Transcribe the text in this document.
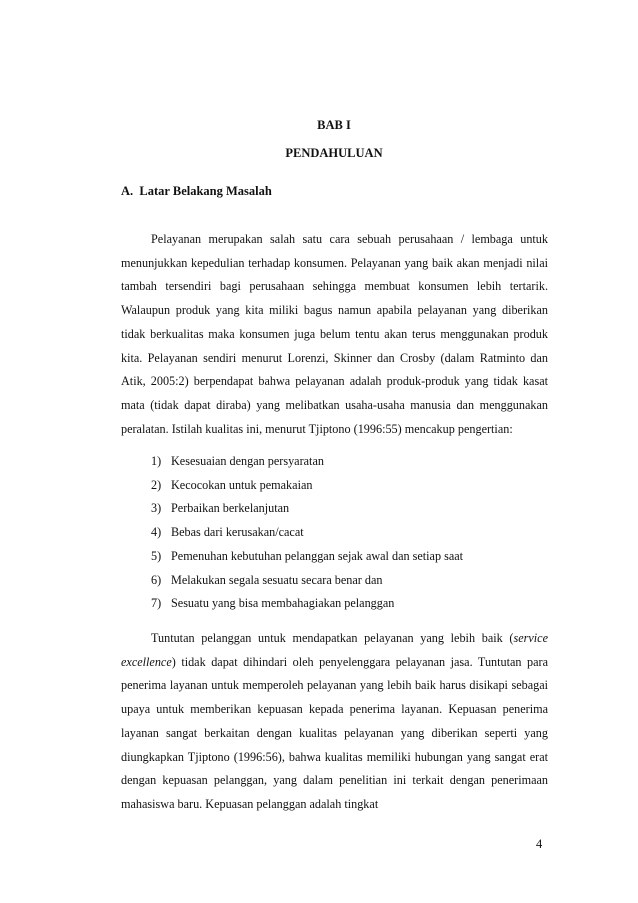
BAB I
PENDAHULUAN
A. Latar Belakang Masalah

Pelayanan merupakan salah satu cara sebuah perusahaan / lembaga untuk menunjukkan kepedulian terhadap konsumen. Pelayanan yang baik akan menjadi nilai tambah tersendiri bagi perusahaan sehingga membuat konsumen lebih tertarik. Walaupun produk yang kita miliki bagus namun apabila pelayanan yang diberikan tidak berkualitas maka konsumen juga belum tentu akan terus menggunakan produk kita. Pelayanan sendiri menurut Lorenzi, Skinner dan Crosby (dalam Ratminto dan Atik, 2005:2) berpendapat bahwa pelayanan adalah produk-produk yang tidak kasat mata (tidak dapat diraba) yang melibatkan usaha-usaha manusia dan menggunakan peralatan. Istilah kualitas ini, menurut Tjiptono (1996:55) mencakup pengertian:

1) Kesesuaian dengan persyaratan
2) Kecocokan untuk pemakaian
3) Perbaikan berkelanjutan
4) Bebas dari kerusakan/cacat
5) Pemenuhan kebutuhan pelanggan sejak awal dan setiap saat
6) Melakukan segala sesuatu secara benar dan
7) Sesuatu yang bisa membahagiakan pelanggan

Tuntutan pelanggan untuk mendapatkan pelayanan yang lebih baik (service excellence) tidak dapat dihindari oleh penyelenggara pelayanan jasa. Tuntutan para penerima layanan untuk memperoleh pelayanan yang lebih baik harus disikapi sebagai upaya untuk memberikan kepuasan kepada penerima layanan. Kepuasan penerima layanan sangat berkaitan dengan kualitas pelayanan yang diberikan seperti yang diungkapkan Tjiptono (1996:56), bahwa kualitas memiliki hubungan yang sangat erat dengan kepuasan pelanggan, yang dalam penelitian ini terkait dengan penerimaan mahasiswa baru. Kepuasan pelanggan adalah tingkat

4
